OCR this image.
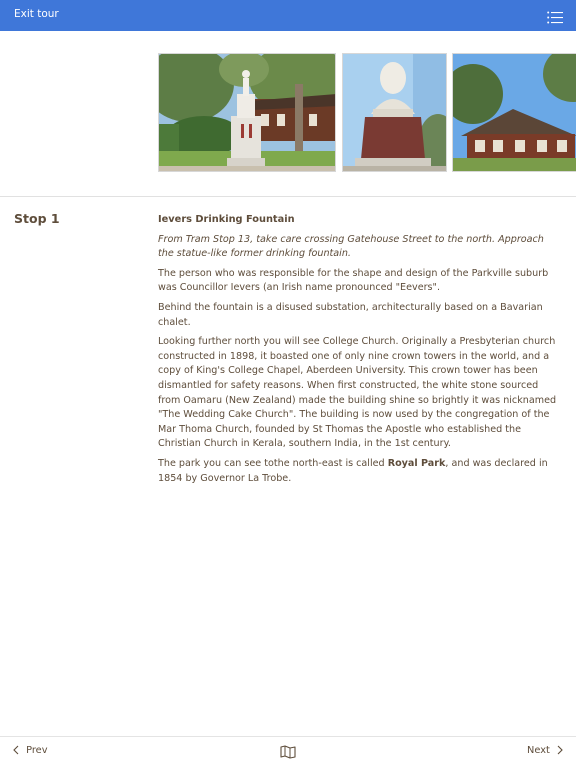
Exit tour
Stop 1	Ievers Drinking Fountain

From Tram Stop 13, take care crossing Gatehouse Street to the north. Approach the statue-like former drinking fountain.

The person who was responsible for the shape and design of the Parkville suburb was Councillor Ievers (an Irish name pronounced "Eevers".

Behind the fountain is a disused substation, architecturally based on a Bavarian chalet.

Looking further north you will see College Church. Originally a Presbyterian church constructed in 1898, it boasted one of only nine crown towers in the world, and a copy of King's College Chapel, Aberdeen University. This crown tower has been dismantled for safety reasons. When first constructed, the white stone sourced from Oamaru (New Zealand) made the building shine so brightly it was nicknamed "The Wedding Cake Church". The building is now used by the congregation of the Mar Thoma Church, founded by St Thomas the Apostle who established the Christian Church in Kerala, southern India, in the 1st century.

The park you can see tothe north-east is called Royal Park, and was declared in 1854 by Governor La Trobe.

Prev	Next
